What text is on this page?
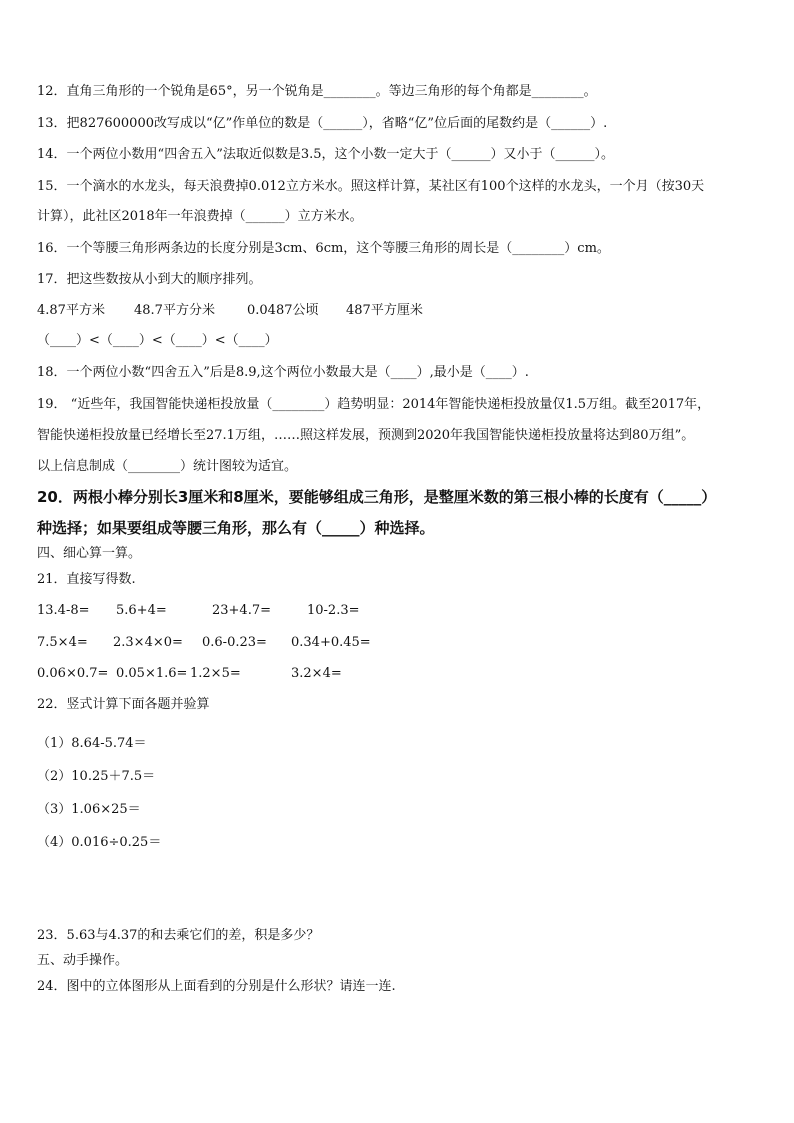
12．直角三角形的一个锐角是65°，另一个锐角是________。等边三角形的每个角都是________。
13．把827600000改写成以“亿”作单位的数是（______），省略“亿”位后面的尾数约是（______）.
14．一个两位小数用“四舍五入”法取近似数是3.5，这个小数一定大于（______）又小于（______）。
15．一个滴水的水龙头，每天浪费掉0.012立方米水。照这样计算，某社区有100个这样的水龙头，一个月（按30天
计算），此社区2018年一年浪费掉（______）立方米水。
16．一个等腰三角形两条边的长度分别是3cm、6cm，这个等腰三角形的周长是（________）cm。
17．把这些数按从小到大的顺序排列。
4.87平方米 48.7平方分米 0.0487公顷 487平方厘米
（____）<（____）<（____）<（____）
18．一个两位小数“四舍五入”后是8.9,这个两位小数最大是（____）,最小是（____）.
19． “近些年，我国智能快递柜投放量（________）趋势明显：2014年智能快递柜投放量仅1.5万组。截至2017年，
智能快递柜投放量已经增长至27.1万组，……照这样发展，预测到2020年我国智能快递柜投放量将达到80万组”。
以上信息制成（________）统计图较为适宜。
20．两根小棒分别长3厘米和8厘米，要能够组成三角形，是整厘米数的第三根小棒的长度有（_____）
种选择；如果要组成等腰三角形，那么有（_____）种选择。
四、细心算一算。
21．直接写得数.
13.4-8= 5.6+4=	23+4.7=	10-2.3=
7.5×4= 2.3×4×0= 0.6-0.23= 0.34+0.45=
0.06×0.7= 0.05×1.6= 1.2×5=	3.2×4=
22．竖式计算下面各题并验算
（1）8.64-5.74＝
（2）10.25＋7.5＝
（3）1.06×25＝
（4）0.016÷0.25＝
23．5.63与4.37的和去乘它们的差，积是多少？
五、动手操作。
24．图中的立体图形从上面看到的分别是什么形状？请连一连.
